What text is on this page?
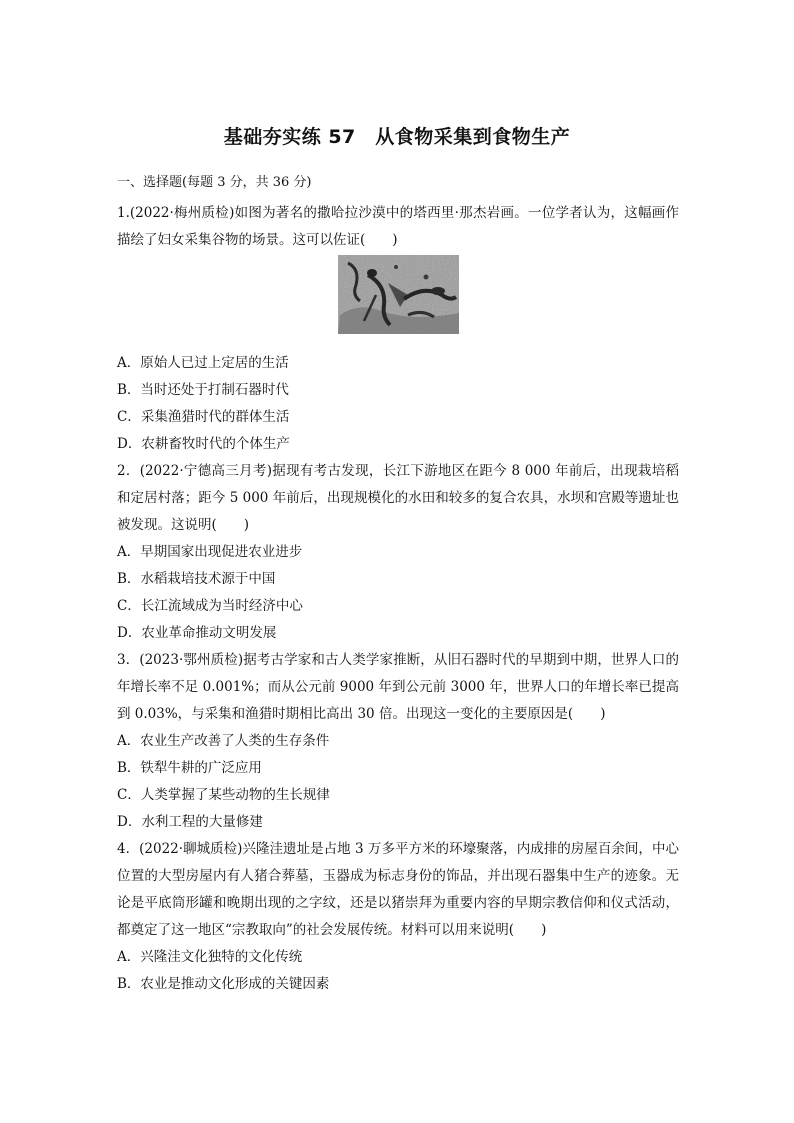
基础夯实练 57　从食物采集到食物生产
一、选择题(每题 3 分，共 36 分)

1.(2022·梅州质检)如图为著名的撒哈拉沙漠中的塔西里·那杰岩画。一位学者认为，这幅画作描绘了妇女采集谷物的场景。这可以佐证(　　)

A．原始人已过上定居的生活

B．当时还处于打制石器时代

C．采集渔猎时代的群体生活

D．农耕畜牧时代的个体生产

2．(2022·宁德高三月考)据现有考古发现，长江下游地区在距今 8 000 年前后，出现栽培稻和定居村落；距今 5 000 年前后，出现规模化的水田和较多的复合农具，水坝和宫殿等遗址也被发现。这说明(　　)

A．早期国家出现促进农业进步

B．水稻栽培技术源于中国

C．长江流域成为当时经济中心

D．农业革命推动文明发展

3．(2023·鄂州质检)据考古学家和古人类学家推断，从旧石器时代的早期到中期，世界人口的年增长率不足 0.001%；而从公元前 9000 年到公元前 3000 年，世界人口的年增长率已提高到 0.03%，与采集和渔猎时期相比高出 30 倍。出现这一变化的主要原因是(　　)

A．农业生产改善了人类的生存条件

B．铁犁牛耕的广泛应用

C．人类掌握了某些动物的生长规律

D．水利工程的大量修建

4．(2022·聊城质检)兴隆洼遗址是占地 3 万多平方米的环壕聚落，内成排的房屋百余间，中心位置的大型房屋内有人猪合葬墓，玉器成为标志身份的饰品，并出现石器集中生产的迹象。无论是平底筒形罐和晚期出现的之字纹，还是以猪崇拜为重要内容的早期宗教信仰和仪式活动，都奠定了这一地区“宗教取向”的社会发展传统。材料可以用来说明(　　)

A．兴隆洼文化独特的文化传统

B．农业是推动文化形成的关键因素
